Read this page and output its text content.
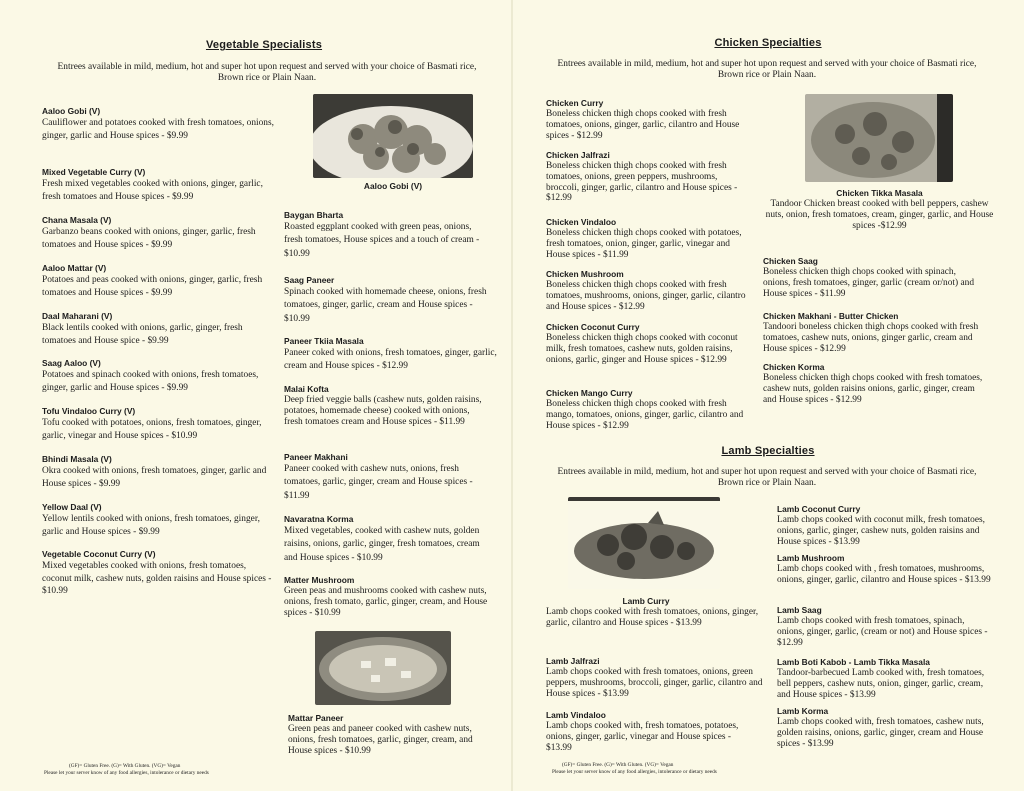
Vegetable Specialists
Entrees available in mild, medium, hot and super hot upon request and served with your choice of Basmati rice, Brown rice or Plain Naan.
Aaloo Gobi (V)
Cauliflower and potatoes cooked with fresh tomatoes, onions, ginger, garlic and House spices - $9.99
Mixed Vegetable Curry (V)
Fresh mixed vegetables cooked with onions, ginger, garlic, fresh tomatoes and House spices - $9.99
Chana Masala (V)
Garbanzo beans cooked with onions, ginger, garlic, fresh tomatoes and House spices - $9.99
Aaloo Mattar (V)
Potatoes and peas cooked with onions, ginger, garlic, fresh tomatoes and House spices - $9.99
Daal Maharani (V)
Black lentils cooked with onions, garlic, ginger, fresh tomatoes and House spice - $9.99
Saag Aaloo (V)
Potatoes and spinach cooked with onions, fresh tomatoes, ginger, garlic and House spices - $9.99
Tofu Vindaloo Curry (V)
Tofu cooked with potatoes, onions, fresh tomatoes, ginger, garlic, vinegar and House spices - $10.99
Bhindi Masala (V)
Okra cooked with onions, fresh tomatoes, ginger, garlic and House spices - $9.99
Yellow Daal (V)
Yellow lentils cooked with onions, fresh tomatoes, ginger, garlic and House spices - $9.99
Vegetable Coconut Curry (V)
Mixed vegetables cooked with onions, fresh tomatoes, coconut milk, cashew nuts, golden raisins and House spices - $10.99
Aaloo Gobi (V)
Baygan Bharta
Roasted eggplant cooked with green peas, onions, fresh tomatoes, House spices and a touch of cream - $10.99
Saag Paneer
Spinach cooked with homemade cheese, onions, fresh tomatoes, ginger, garlic, cream and House spices - $10.99
Paneer Tkiia Masala
Paneer coked with onions, fresh tomatoes, ginger, garlic, cream and House spices - $12.99
Malai Kofta
Deep fried veggie balls (cashew nuts, golden raisins, potatoes, homemade cheese) cooked with onions, fresh tomatoes cream and House spices - $11.99
Paneer Makhani
Paneer cooked with cashew nuts, onions, fresh tomatoes, garlic, ginger, cream and House spices - $11.99
Navaratna Korma
Mixed vegetables, cooked with cashew nuts, golden raisins, onions, garlic, ginger, fresh tomatoes, cream and House spices - $10.99
Matter Mushroom
Green peas and mushrooms cooked with cashew nuts, onions, fresh tomato, garlic, ginger, cream, and House spices - $10.99
Mattar Paneer
Green peas and paneer cooked with cashew nuts, onions, fresh tomatoes, garlic, ginger, cream, and House spices - $10.99
(GF)= Gluten Free. (G)= With Gluten. (VG)= Vegan
Please let your server know of any food allergies, intolerance or dietary needs
Chicken Specialties
Entrees available in mild, medium, hot and super hot upon request and served with your choice of Basmati rice, Brown rice or Plain Naan.
Chicken Curry
Boneless chicken thigh chops cooked with fresh tomatoes, onions, ginger, garlic, cilantro and House spices - $12.99
Chicken Jalfrazi
Boneless chicken thigh chops cooked with fresh tomatoes, onions, green peppers, mushrooms, broccoli, ginger, garlic, cilantro and House spices - $12.99
Chicken Vindaloo
Boneless chicken thigh chops cooked with potatoes, fresh tomatoes, onion, ginger, garlic, vinegar and House spices - $11.99
Chicken Mushroom
Boneless chicken thigh chops cooked with fresh tomatoes, mushrooms, onions, ginger, garlic, cilantro and House spices - $12.99
Chicken Coconut Curry
Boneless chicken thigh chops cooked with coconut milk, fresh tomatoes, cashew nuts, golden raisins, onions, garlic, ginger and House spices - $12.99
Chicken Mango Curry
Boneless chicken thigh chops cooked with fresh mango, tomatoes, onions, ginger, garlic, cilantro and House spices - $12.99
Chicken Tikka Masala
Tandoor Chicken breast cooked with bell peppers, cashew nuts, onion, fresh tomatoes, cream, ginger, garlic, and House spices -$12.99
Chicken Saag
Boneless chicken thigh chops cooked with spinach, onions, fresh tomatoes, ginger, garlic (cream or/not) and House spices - $11.99
Chicken Makhani - Butter Chicken
Tandoori boneless chicken thigh chops cooked with fresh tomatoes, cashew nuts, onions, ginger garlic, cream and House spices - $12.99
Chicken Korma
Boneless chicken thigh chops cooked with fresh tomatoes, cashew nuts, golden raisins onions, garlic, ginger, cream and House spices - $12.99
Lamb Specialties
Entrees available in mild, medium, hot and super hot upon request and served with your choice of Basmati rice, Brown rice or Plain Naan.
Lamb Curry
Lamb chops cooked with fresh tomatoes, onions, ginger, garlic, cilantro and House spices - $13.99
Lamb Jalfrazi
Lamb chops cooked with fresh tomatoes, onions, green peppers, mushrooms, broccoli, ginger, garlic, cilantro and House spices - $13.99
Lamb Vindaloo
Lamb chops cooked with, fresh tomatoes, potatoes, onions, ginger, garlic, vinegar and House spices - $13.99
Lamb Coconut Curry
Lamb chops cooked with coconut milk, fresh tomatoes, onions, garlic, ginger, cashew nuts, golden raisins and House spices - $13.99
Lamb Mushroom
Lamb chops cooked with , fresh tomatoes, mushrooms, onions, ginger, garlic, cilantro and House spices - $13.99
Lamb Saag
Lamb chops cooked with fresh tomatoes, spinach, onions, ginger, garlic, (cream or not) and House spices - $12.99
Lamb Boti Kabob - Lamb Tikka Masala
Tandoor-barbecued Lamb cooked with, fresh tomatoes, bell peppers, cashew nuts, onion, ginger, garlic, cream, and House spices - $13.99
Lamb Korma
Lamb chops cooked with, fresh tomatoes, cashew nuts, golden raisins, onions, garlic, ginger, cream and House spices - $13.99
(GF)= Gluten Free. (G)= With Gluten. (VG)= Vegan
Please let your server know of any food allergies, intolerance or dietary needs
